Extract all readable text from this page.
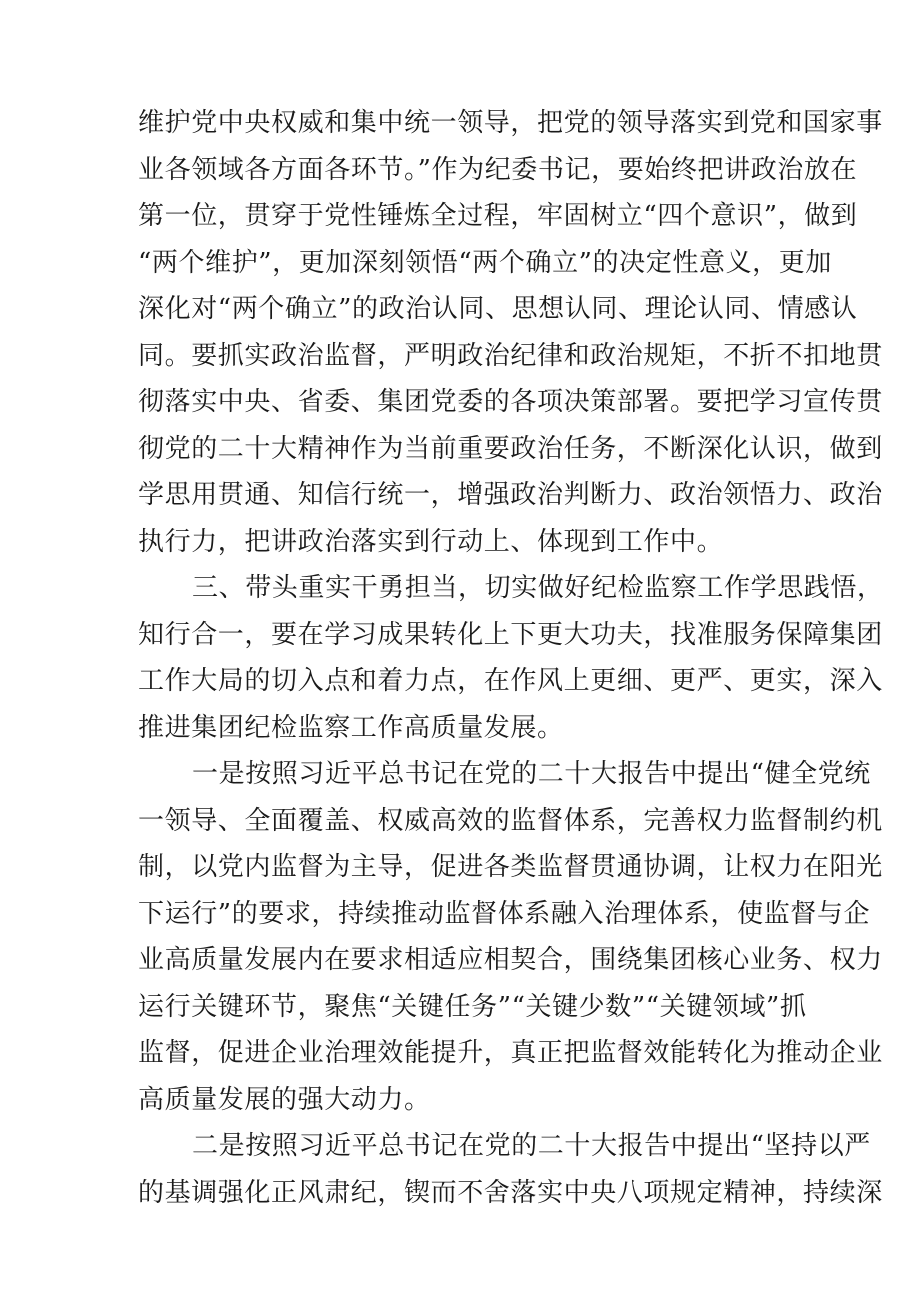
维护党中央权威和集中统一领导，把党的领导落实到党和国家事
业各领域各方面各环节。”作为纪委书记，要始终把讲政治放在
第一位，贯穿于党性锤炼全过程，牢固树立“四个意识”，做到
“两个维护”，更加深刻领悟“两个确立”的决定性意义，更加
深化对“两个确立”的政治认同、思想认同、理论认同、情感认
同。要抓实政治监督，严明政治纪律和政治规矩，不折不扣地贯
彻落实中央、省委、集团党委的各项决策部署。要把学习宣传贯
彻党的二十大精神作为当前重要政治任务，不断深化认识，做到
学思用贯通、知信行统一，增强政治判断力、政治领悟力、政治
执行力，把讲政治落实到行动上、体现到工作中。
三、带头重实干勇担当，切实做好纪检监察工作学思践悟，
知行合一，要在学习成果转化上下更大功夫，找准服务保障集团
工作大局的切入点和着力点，在作风上更细、更严、更实，深入
推进集团纪检监察工作高质量发展。
一是按照习近平总书记在党的二十大报告中提出“健全党统
一领导、全面覆盖、权威高效的监督体系，完善权力监督制约机
制，以党内监督为主导，促进各类监督贯通协调，让权力在阳光
下运行”的要求，持续推动监督体系融入治理体系，使监督与企
业高质量发展内在要求相适应相契合，围绕集团核心业务、权力
运行关键环节，聚焦“关键任务”“关键少数”“关键领域”抓
监督，促进企业治理效能提升，真正把监督效能转化为推动企业
高质量发展的强大动力。
二是按照习近平总书记在党的二十大报告中提出“坚持以严
的基调强化正风肃纪，锲而不舍落实中央八项规定精神，持续深
